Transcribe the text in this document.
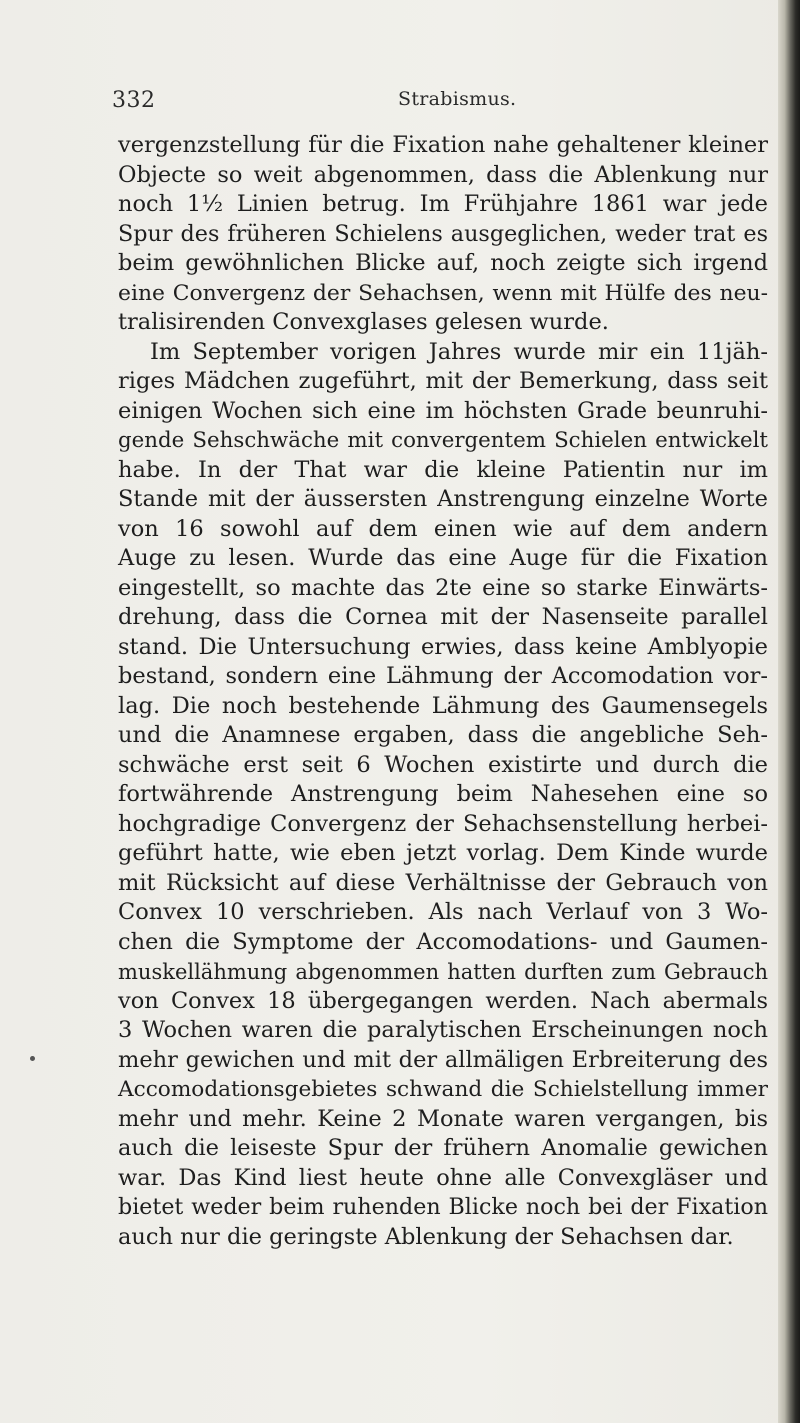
332	Strabismus.
vergenzstellung für die Fixation nahe gehaltener kleiner
Objecte so weit abgenommen, dass die Ablenkung nur
noch 1½ Linien betrug. Im Frühjahre 1861 war jede
Spur des früheren Schielens ausgeglichen, weder trat es
beim gewöhnlichen Blicke auf, noch zeigte sich irgend
eine Convergenz der Sehachsen, wenn mit Hülfe des neu-
tralisirenden Convexglases gelesen wurde.
Im September vorigen Jahres wurde mir ein 11jäh-
riges Mädchen zugeführt, mit der Bemerkung, dass seit
einigen Wochen sich eine im höchsten Grade beunruhi-
gende Sehschwäche mit convergentem Schielen entwickelt
habe. In der That war die kleine Patientin nur im
Stande mit der äussersten Anstrengung einzelne Worte
von 16 sowohl auf dem einen wie auf dem andern
Auge zu lesen. Wurde das eine Auge für die Fixation
eingestellt, so machte das 2te eine so starke Einwärts-
drehung, dass die Cornea mit der Nasenseite parallel
stand. Die Untersuchung erwies, dass keine Amblyopie
bestand, sondern eine Lähmung der Accomodation vor-
lag. Die noch bestehende Lähmung des Gaumensegels
und die Anamnese ergaben, dass die angebliche Seh-
schwäche erst seit 6 Wochen existirte und durch die
fortwährende Anstrengung beim Nahesehen eine so
hochgradige Convergenz der Sehachsenstellung herbei-
geführt hatte, wie eben jetzt vorlag. Dem Kinde wurde
mit Rücksicht auf diese Verhältnisse der Gebrauch von
Convex 10 verschrieben. Als nach Verlauf von 3 Wo-
chen die Symptome der Accomodations- und Gaumen-
muskellähmung abgenommen hatten durften zum Gebrauch
von Convex 18 übergegangen werden. Nach abermals
3 Wochen waren die paralytischen Erscheinungen noch
mehr gewichen und mit der allmäligen Erbreiterung des
Accomodationsgebietes schwand die Schielstellung immer
mehr und mehr. Keine 2 Monate waren vergangen, bis
auch die leiseste Spur der frühern Anomalie gewichen
war. Das Kind liest heute ohne alle Convexgläser und
bietet weder beim ruhenden Blicke noch bei der Fixation
auch nur die geringste Ablenkung der Sehachsen dar.
